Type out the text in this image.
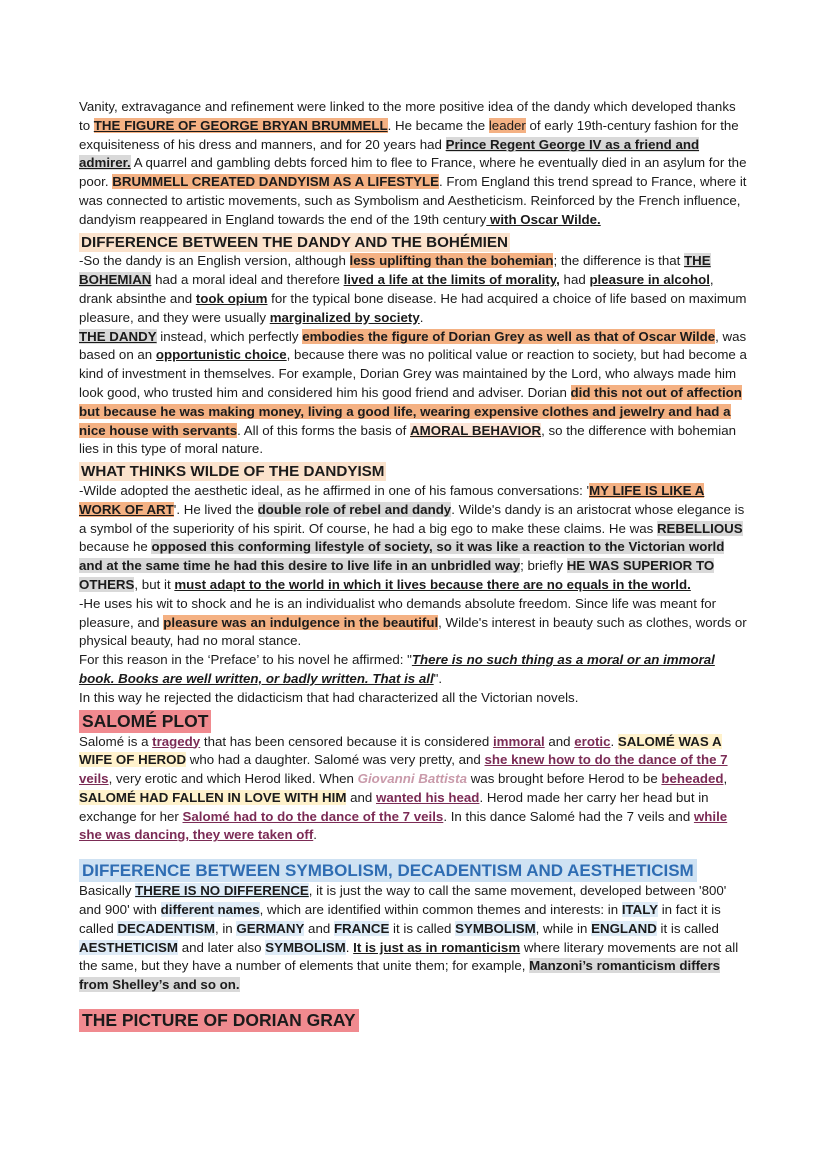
Vanity, extravagance and refinement were linked to the more positive idea of the dandy which developed thanks to THE FIGURE OF GEORGE BRYAN BRUMMELL. He became the leader of early 19th-century fashion for the exquisiteness of his dress and manners, and for 20 years had Prince Regent George IV as a friend and admirer. A quarrel and gambling debts forced him to flee to France, where he eventually died in an asylum for the poor. BRUMMELL CREATED DANDYISM AS A LIFESTYLE. From England this trend spread to France, where it was connected to artistic movements, such as Symbolism and Aestheticism. Reinforced by the French influence, dandyism reappeared in England towards the end of the 19th century with Oscar Wilde.

DIFFERENCE BETWEEN THE DANDY AND THE BOHÉMIEN

-So the dandy is an English version, although less uplifting than the bohemian; the difference is that THE BOHEMIAN had a moral ideal and therefore lived a life at the limits of morality, had pleasure in alcohol, drank absinthe and took opium for the typical bone disease. He had acquired a choice of life based on maximum pleasure, and they were usually marginalized by society.

THE DANDY instead, which perfectly embodies the figure of Dorian Grey as well as that of Oscar Wilde, was based on an opportunistic choice, because there was no political value or reaction to society, but had become a kind of investment in themselves. For example, Dorian Grey was maintained by the Lord, who always made him look good, who trusted him and considered him his good friend and adviser. Dorian did this not out of affection but because he was making money, living a good life, wearing expensive clothes and jewelry and had a nice house with servants. All of this forms the basis of AMORAL BEHAVIOR, so the difference with bohemian lies in this type of moral nature.

WHAT THINKS WILDE OF THE DANDYISM

-Wilde adopted the aesthetic ideal, as he affirmed in one of his famous conversations: 'MY LIFE IS LIKE A WORK OF ART'. He lived the double role of rebel and dandy. Wilde's dandy is an aristocrat whose elegance is a symbol of the superiority of his spirit. Of course, he had a big ego to make these claims. He was REBELLIOUS because he opposed this conforming lifestyle of society, so it was like a reaction to the Victorian world and at the same time he had this desire to live life in an unbridled way; briefly HE WAS SUPERIOR TO OTHERS, but it must adapt to the world in which it lives because there are no equals in the world.

-He uses his wit to shock and he is an individualist who demands absolute freedom. Since life was meant for pleasure, and pleasure was an indulgence in the beautiful, Wilde's interest in beauty such as clothes, words or physical beauty, had no moral stance.

For this reason in the ‘Preface’ to his novel he affirmed: "There is no such thing as a moral or an immoral book. Books are well written, or badly written. That is all".

In this way he rejected the didacticism that had characterized all the Victorian novels.

SALOMÉ PLOT

Salomé is a tragedy that has been censored because it is considered immoral and erotic. SALOMÉ WAS A WIFE OF HEROD who had a daughter. Salomé was very pretty, and she knew how to do the dance of the 7 veils, very erotic and which Herod liked. When Giovanni Battista was brought before Herod to be beheaded, SALOMÉ HAD FALLEN IN LOVE WITH HIM and wanted his head. Herod made her carry her head but in exchange for her Salomé had to do the dance of the 7 veils. In this dance Salomé had the 7 veils and while she was dancing, they were taken off.

DIFFERENCE BETWEEN SYMBOLISM, DECADENTISM AND AESTHETICISM

Basically THERE IS NO DIFFERENCE, it is just the way to call the same movement, developed between '800' and 900' with different names, which are identified within common themes and interests: in ITALY in fact it is called DECADENTISM, in GERMANY and FRANCE it is called SYMBOLISM, while in ENGLAND it is called AESTHETICISM and later also SYMBOLISM. It is just as in romanticism where literary movements are not all the same, but they have a number of elements that unite them; for example, Manzoni’s romanticism differs from Shelley’s and so on.

THE PICTURE OF DORIAN GRAY
